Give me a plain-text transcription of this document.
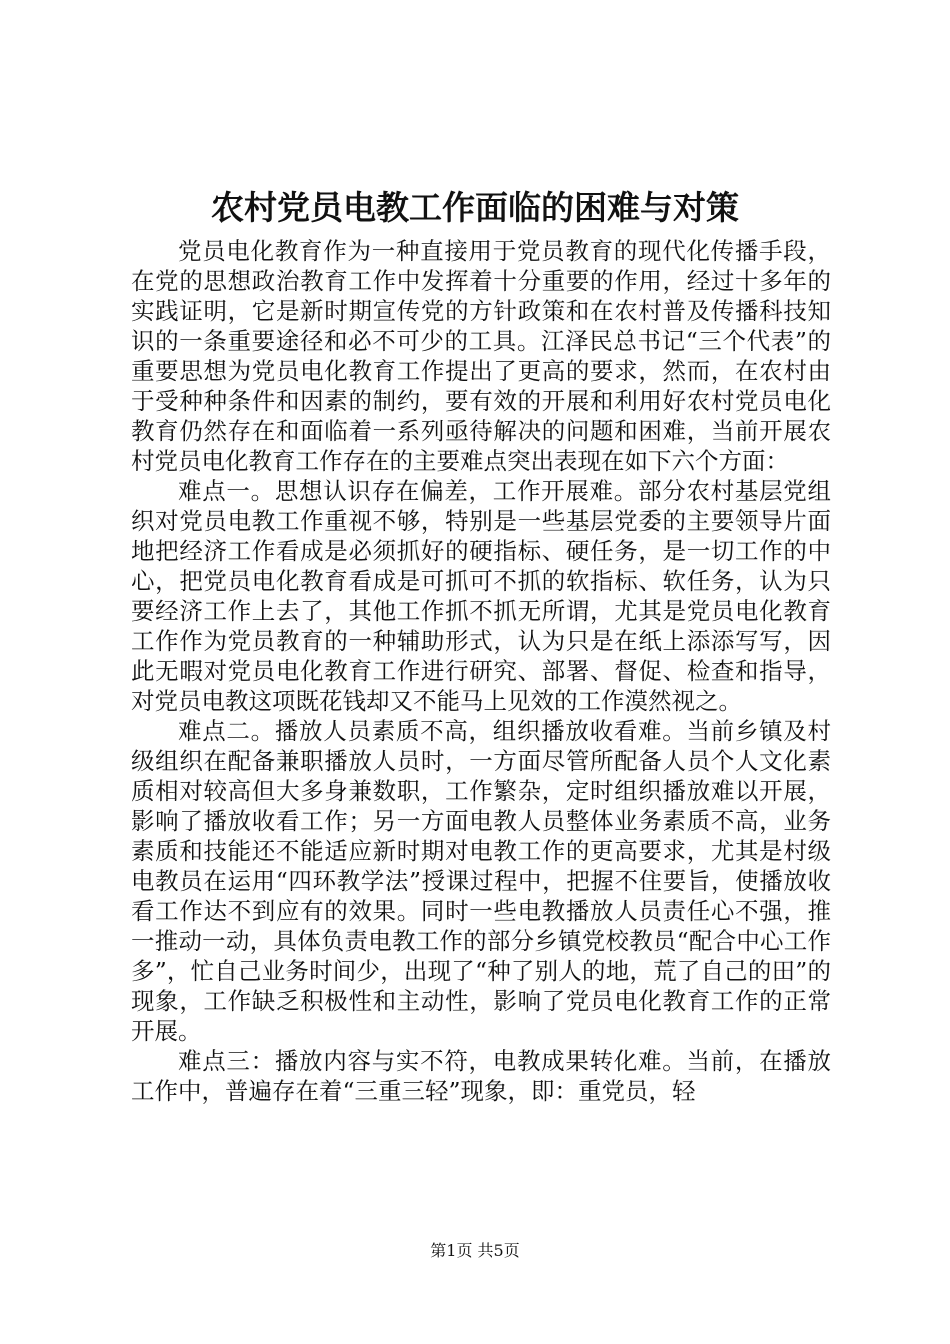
农村党员电教工作面临的困难与对策

党员电化教育作为一种直接用于党员教育的现代化传播手段，在党的思想政治教育工作中发挥着十分重要的作用，经过十多年的实践证明，它是新时期宣传党的方针政策和在农村普及传播科技知识的一条重要途径和必不可少的工具。江泽民总书记“三个代表”的重要思想为党员电化教育工作提出了更高的要求，然而，在农村由于受种种条件和因素的制约，要有效的开展和利用好农村党员电化教育仍然存在和面临着一系列亟待解决的问题和困难，当前开展农村党员电化教育工作存在的主要难点突出表现在如下六个方面：

难点一。思想认识存在偏差，工作开展难。部分农村基层党组织对党员电教工作重视不够，特别是一些基层党委的主要领导片面地把经济工作看成是必须抓好的硬指标、硬任务，是一切工作的中心，把党员电化教育看成是可抓可不抓的软指标、软任务，认为只要经济工作上去了，其他工作抓不抓无所谓，尤其是党员电化教育工作作为党员教育的一种辅助形式，认为只是在纸上添添写写，因此无暇对党员电化教育工作进行研究、部署、督促、检查和指导，对党员电教这项既花钱却又不能马上见效的工作漠然视之。

难点二。播放人员素质不高，组织播放收看难。当前乡镇及村级组织在配备兼职播放人员时，一方面尽管所配备人员个人文化素质相对较高但大多身兼数职，工作繁杂，定时组织播放难以开展，影响了播放收看工作；另一方面电教人员整体业务素质不高，业务素质和技能还不能适应新时期对电教工作的更高要求，尤其是村级电教员在运用“四环教学法”授课过程中，把握不住要旨，使播放收看工作达不到应有的效果。同时一些电教播放人员责任心不强，推一推动一动，具体负责电教工作的部分乡镇党校教员“配合中心工作多”，忙自己业务时间少，出现了“种了别人的地，荒了自己的田”的现象，工作缺乏积极性和主动性，影响了党员电化教育工作的正常开展。

难点三：播放内容与实不符，电教成果转化难。当前，在播放工作中，普遍存在着“三重三轻”现象，即：重党员，轻

第1页 共5页
